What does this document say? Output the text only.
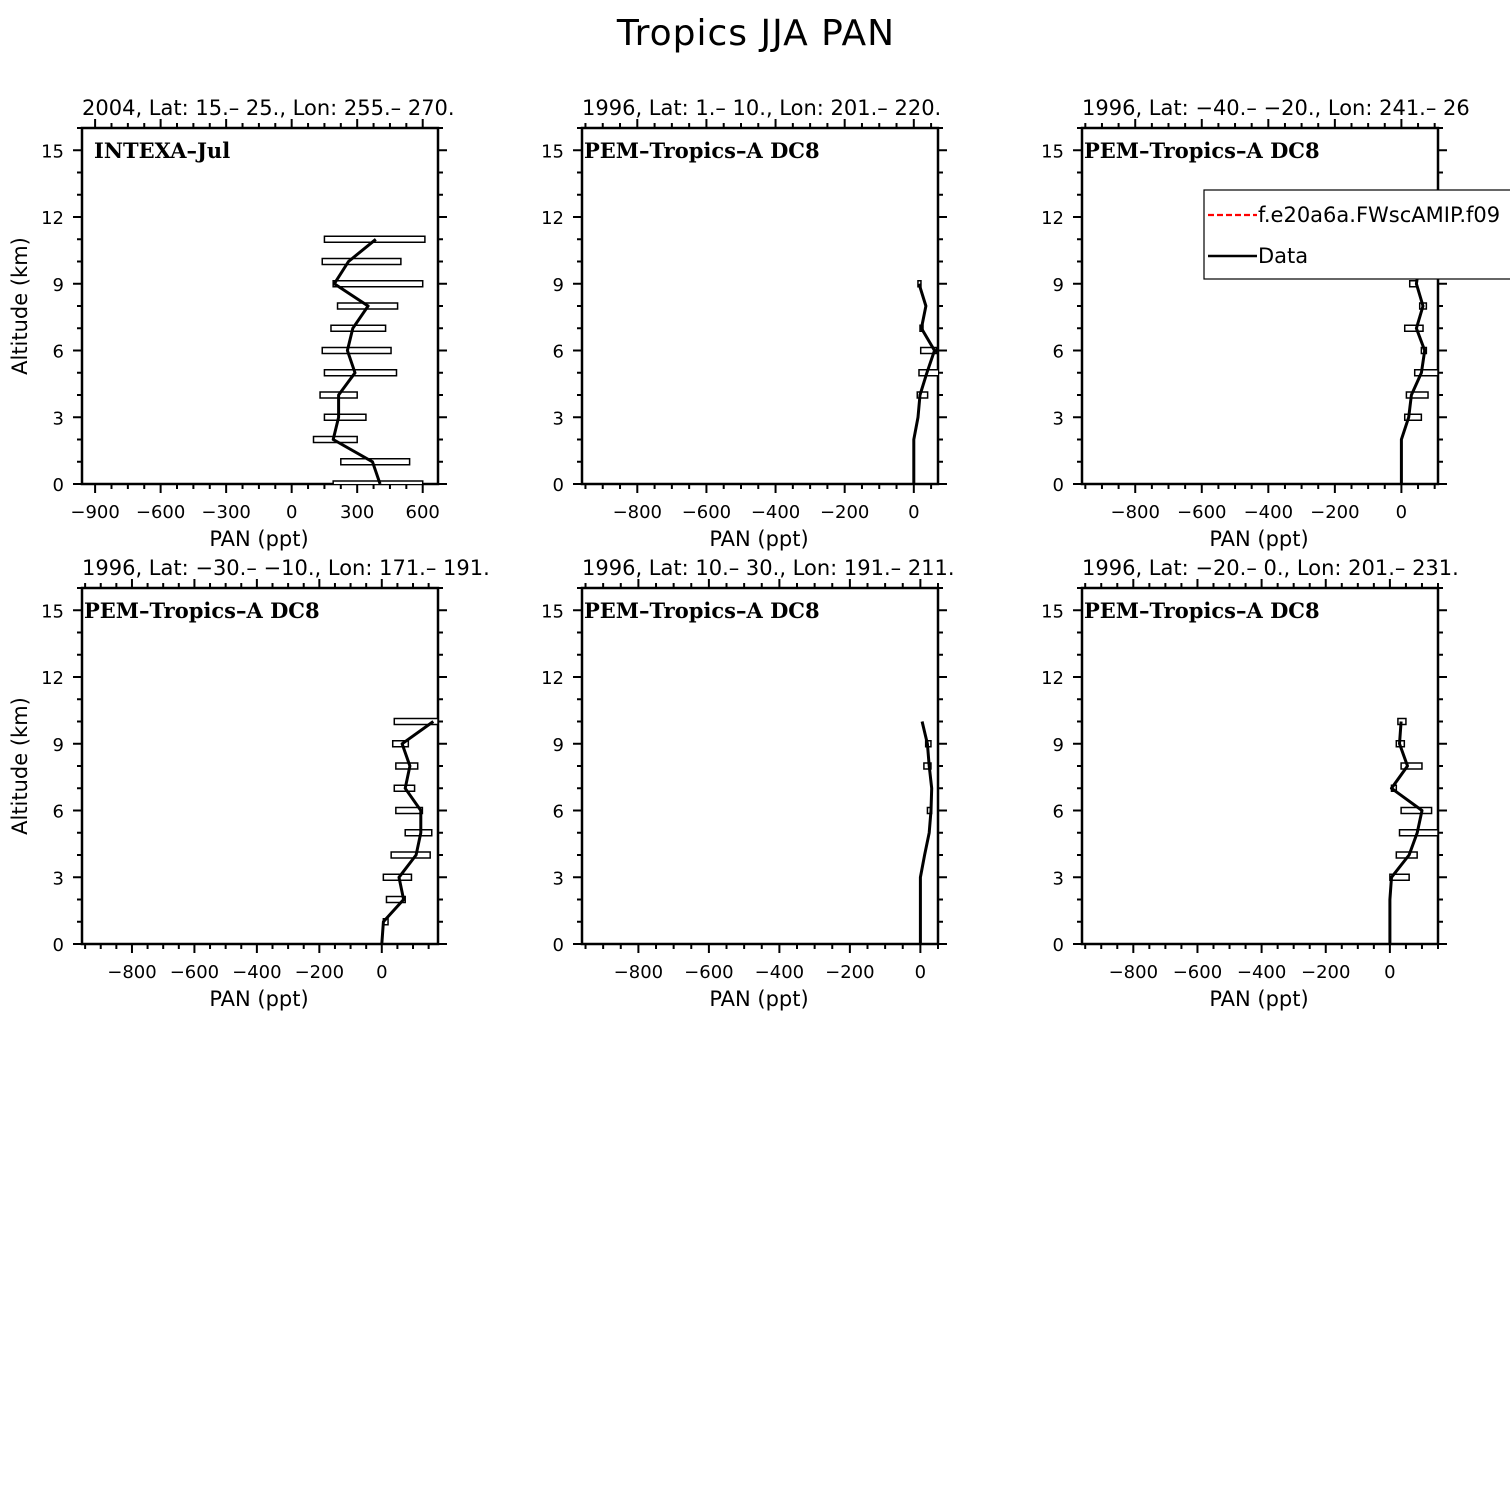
Tropics JJA PAN
2004, Lat: 15.– 25., Lon: 255.– 270.
0
3
6
9
12
15
−900 −600 −300 0 300 600
PAN (ppt)
Altitude (km)
INTEXA–Jul
1996, Lat: 1.– 10., Lon: 201.– 220.
0
3
6
9
12
15
−800 −600 −400 −200 0
PAN (ppt)
PEM–Tropics–A DC8
1996, Lat: −40.– −20., Lon: 241.– 26
0
3
6
9
12
15
−800 −600 −400 −200 0
PAN (ppt)
PEM–Tropics–A DC8
1996, Lat: −30.– −10., Lon: 171.– 191.
0
3
6
9
12
15
−800 −600 −400 −200 0
PAN (ppt)
Altitude (km)
PEM–Tropics–A DC8
1996, Lat: 10.– 30., Lon: 191.– 211.
0
3
6
9
12
15
−800 −600 −400 −200 0
PAN (ppt)
PEM–Tropics–A DC8
1996, Lat: −20.– 0., Lon: 201.– 231.
0
3
6
9
12
15
−800 −600 −400 −200 0
PAN (ppt)
PEM–Tropics–A DC8
f.e20a6a.FWscAMIP.f09
Data
